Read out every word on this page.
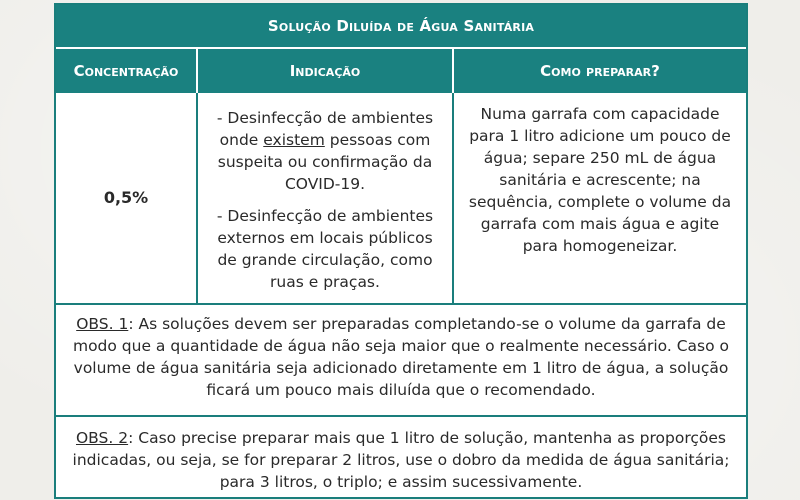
Solução Diluída de Água Sanitária
Concentração	Indicação	Como preparar?
0,5%

- Desinfecção de ambientes onde existem pessoas com suspeita ou confirmação da COVID-19.

- Desinfecção de ambientes externos em locais públicos de grande circulação, como ruas e praças.

Numa garrafa com capacidade para 1 litro adicione um pouco de água; separe 250 mL de água sanitária e acrescente; na sequência, complete o volume da garrafa com mais água e agite para homogeneizar.
OBS. 1: As soluções devem ser preparadas completando-se o volume da garrafa de modo que a quantidade de água não seja maior que o realmente necessário. Caso o volume de água sanitária seja adicionado diretamente em 1 litro de água, a solução ficará um pouco mais diluída que o recomendado.
OBS. 2: Caso precise preparar mais que 1 litro de solução, mantenha as proporções indicadas, ou seja, se for preparar 2 litros, use o dobro da medida de água sanitária; para 3 litros, o triplo; e assim sucessivamente.
